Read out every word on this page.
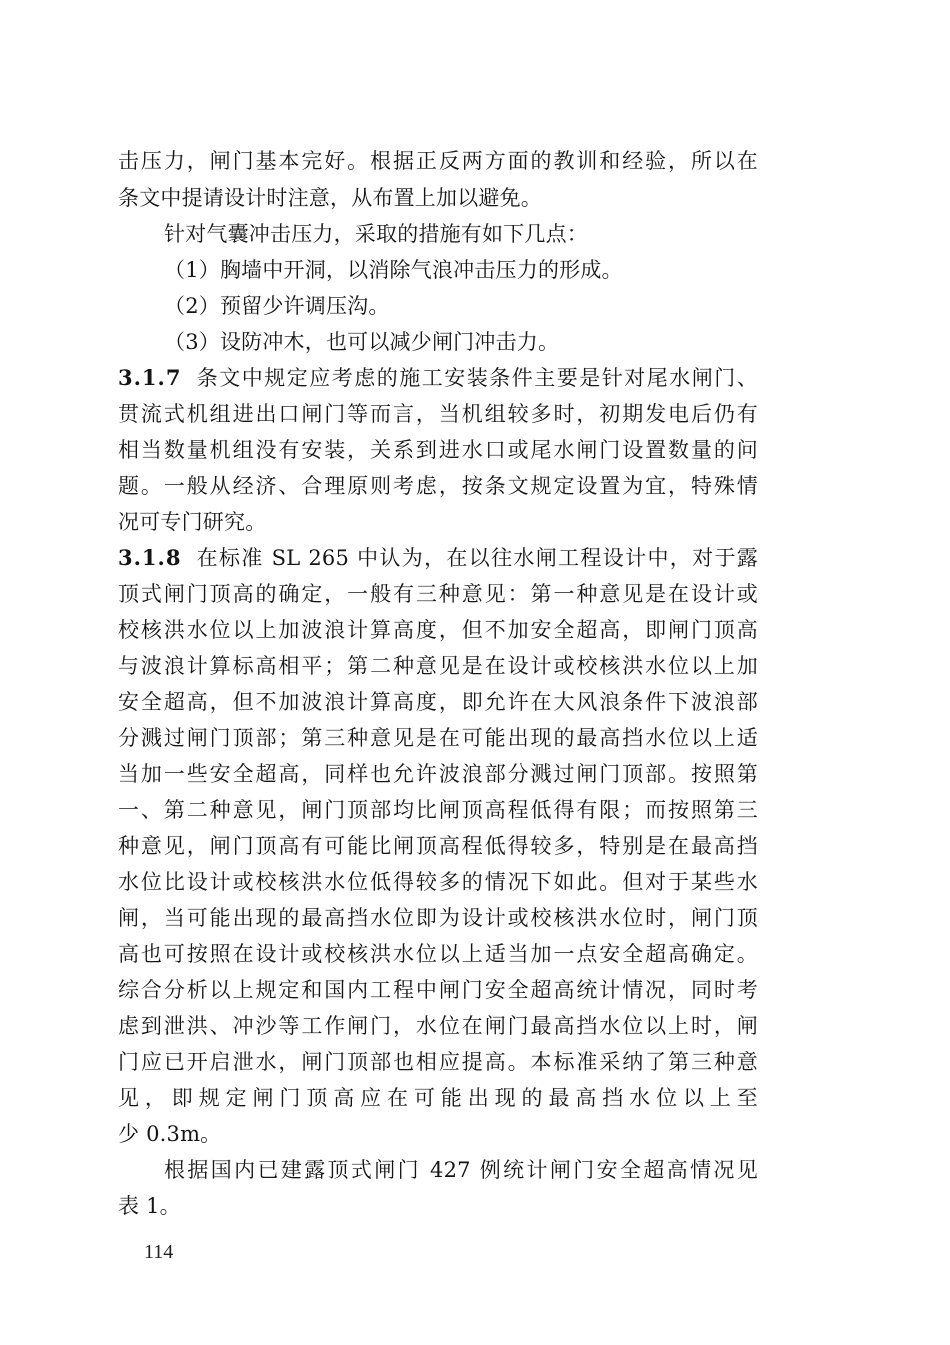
击压力，闸门基本完好。根据正反两方面的教训和经验，所以在
条文中提请设计时注意，从布置上加以避免。
针对气囊冲击压力，采取的措施有如下几点：
（1）胸墙中开洞，以消除气浪冲击压力的形成。
（2）预留少许调压沟。
（3）设防冲木，也可以减少闸门冲击力。
3.1.7 条文中规定应考虑的施工安装条件主要是针对尾水闸门、
贯流式机组进出口闸门等而言，当机组较多时，初期发电后仍有
相当数量机组没有安装，关系到进水口或尾水闸门设置数量的问
题。一般从经济、合理原则考虑，按条文规定设置为宜，特殊情
况可专门研究。
3.1.8 在标准 SL 265 中认为，在以往水闸工程设计中，对于露
顶式闸门顶高的确定，一般有三种意见：第一种意见是在设计或
校核洪水位以上加波浪计算高度，但不加安全超高，即闸门顶高
与波浪计算标高相平；第二种意见是在设计或校核洪水位以上加
安全超高，但不加波浪计算高度，即允许在大风浪条件下波浪部
分溅过闸门顶部；第三种意见是在可能出现的最高挡水位以上适
当加一些安全超高，同样也允许波浪部分溅过闸门顶部。按照第
一、第二种意见，闸门顶部均比闸顶高程低得有限；而按照第三
种意见，闸门顶高有可能比闸顶高程低得较多，特别是在最高挡
水位比设计或校核洪水位低得较多的情况下如此。但对于某些水
闸，当可能出现的最高挡水位即为设计或校核洪水位时，闸门顶
高也可按照在设计或校核洪水位以上适当加一点安全超高确定。
综合分析以上规定和国内工程中闸门安全超高统计情况，同时考
虑到泄洪、冲沙等工作闸门，水位在闸门最高挡水位以上时，闸
门应已开启泄水，闸门顶部也相应提高。本标准采纳了第三种意
见，即规定闸门顶高应在可能出现的最高挡水位以上至
少 0.3m。
根据国内已建露顶式闸门 427 例统计闸门安全超高情况见
表 1。
114
